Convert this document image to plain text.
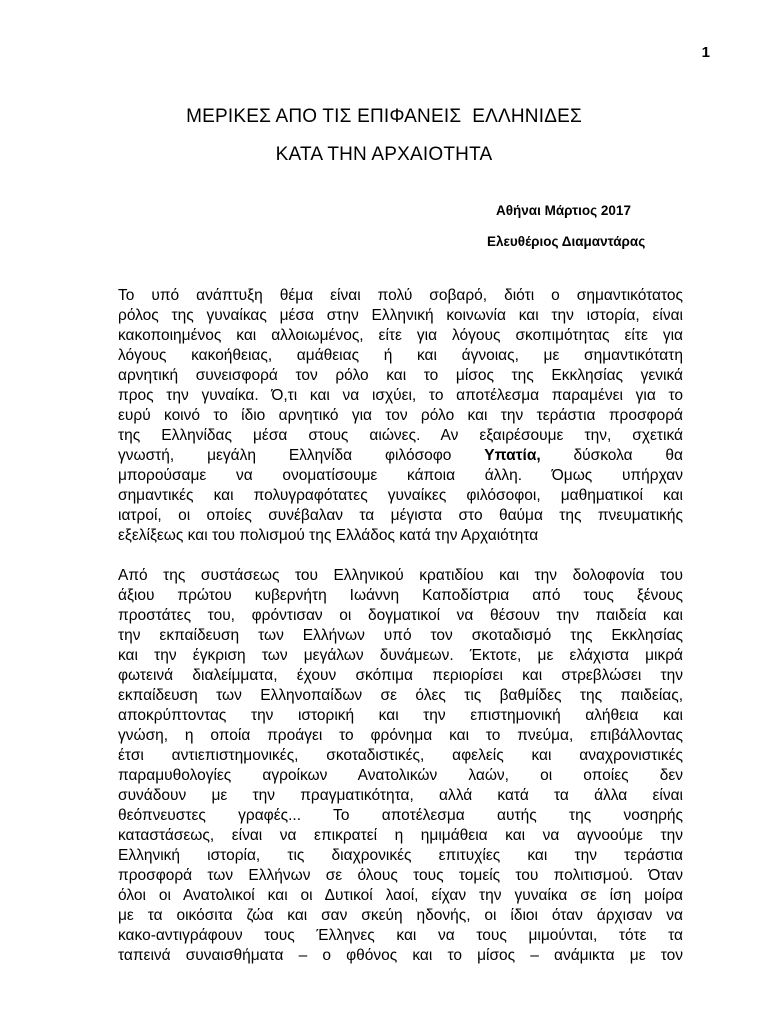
1
ΜΕΡΙΚΕΣ ΑΠΟ ΤΙΣ ΕΠΙΦΑΝΕΙΣ  ΕΛΛΗΝΙΔΕΣ
ΚΑΤΑ ΤΗΝ ΑΡΧΑΙΟΤΗΤΑ
Αθήναι Μάρτιος 2017
Ελευθέριος Διαμαντάρας
Το υπό ανάπτυξη θέμα είναι πολύ σοβαρό, διότι ο σημαντικότατος
ρόλος της γυναίκας μέσα στην Ελληνική κοινωνία και την ιστορία, είναι
κακοποιημένος και αλλοιωμένος, είτε για λόγους σκοπιμότητας είτε για
λόγους κακοήθειας, αμάθειας ή και άγνοιας, με σημαντικότατη
αρνητική συνεισφορά τον ρόλο και το μίσος της Εκκλησίας γενικά
προς την γυναίκα. Ό,τι και να ισχύει, το αποτέλεσμα παραμένει για το
ευρύ κοινό το ίδιο αρνητικό για τον ρόλο και την τεράστια προσφορά
της Ελληνίδας μέσα στους αιώνες. Αν εξαιρέσουμε την, σχετικά
γνωστή, μεγάλη Ελληνίδα φιλόσοφο Υπατία, δύσκολα θα
μπορούσαμε να ονοματίσουμε κάποια άλλη. Όμως υπήρχαν
σημαντικές και πολυγραφότατες γυναίκες φιλόσοφοι, μαθηματικοί και
ιατροί, οι οποίες συνέβαλαν τα μέγιστα στο θαύμα της πνευματικής
εξελίξεως και του πολισμού της Ελλάδος κατά την Αρχαιότητα
Από της συστάσεως του Ελληνικού κρατιδίου και την δολοφονία του
άξιου πρώτου κυβερνήτη Ιωάννη Καποδίστρια από τους ξένους
προστάτες του, φρόντισαν οι δογματικοί να θέσουν την παιδεία και
την εκπαίδευση των Ελλήνων υπό τον σκοταδισμό της Εκκλησίας
και την έγκριση των μεγάλων δυνάμεων. Έκτοτε, με ελάχιστα μικρά
φωτεινά διαλείμματα, έχουν σκόπιμα περιορίσει και στρεβλώσει την
εκπαίδευση των Ελληνοπαίδων σε όλες τις βαθμίδες της παιδείας,
αποκρύπτοντας την ιστορική και την επιστημονική αλήθεια και
γνώση, η οποία προάγει το φρόνημα και το πνεύμα, επιβάλλοντας
έτσι αντιεπιστημονικές, σκοταδιστικές, αφελείς και αναχρονιστικές
παραμυθολογίες αγροίκων Ανατολικών λαών, οι οποίες δεν
συνάδουν με την πραγματικότητα, αλλά κατά τα άλλα είναι
θεόπνευστες γραφές... Το αποτέλεσμα αυτής της νοσηρής
καταστάσεως, είναι να επικρατεί η ημιμάθεια και να αγνοούμε την
Ελληνική ιστορία, τις διαχρονικές επιτυχίες και την τεράστια
προσφορά των Ελλήνων σε όλους τους τομείς του πολιτισμού. Όταν
όλοι οι Ανατολικοί και οι Δυτικοί λαοί, είχαν την γυναίκα σε ίση μοίρα
με τα οικόσιτα ζώα και σαν σκεύη ηδονής, οι ίδιοι όταν άρχισαν να
κακο-αντιγράφουν τους Έλληνες και να τους μιμούνται, τότε τα
ταπεινά συναισθήματα – ο φθόνος και το μίσος – ανάμικτα με τον
